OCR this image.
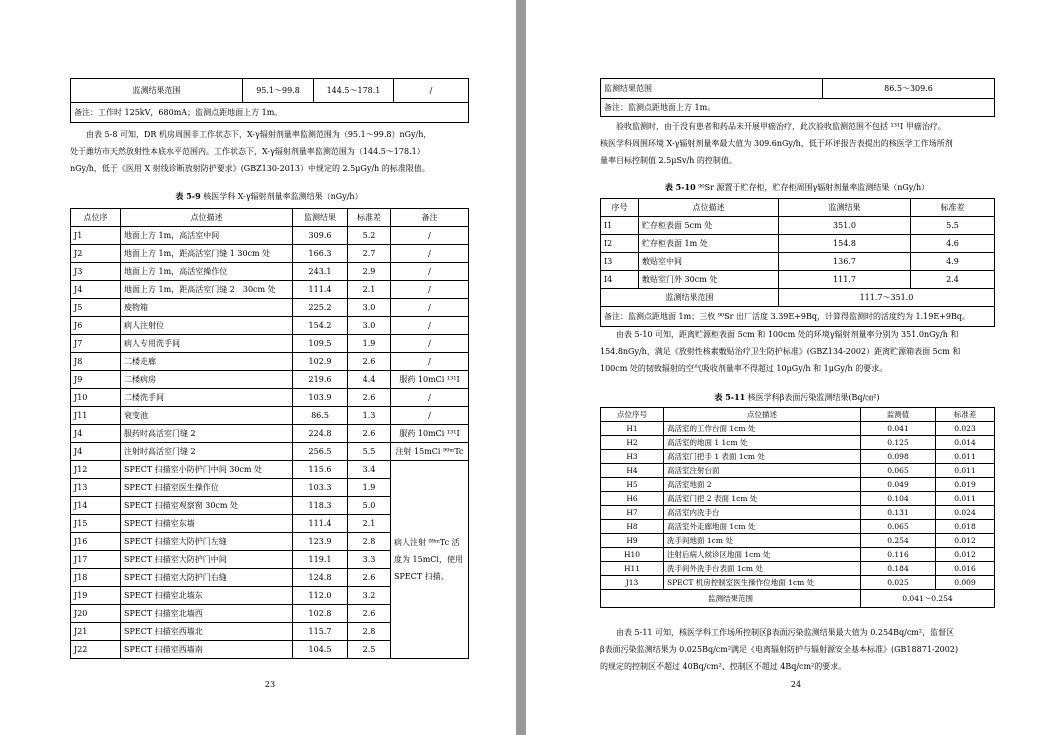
监测结果范围	95.1～99.8	144.5～178.1	/
备注：工作时 125kV，680mA；监测点距地面上方 1m。

由表 5-8 可知，DR 机房周围非工作状态下，X-γ辐射剂量率监测范围为（95.1～99.8）nGy/h，

处于潍坊市天然放射性本底水平范围内。工作状态下，X-γ辐射剂量率监测范围为（144.5～178.1）

nGy/h，低于《医用 X 射线诊断放射防护要求》(GBZ130-2013）中规定的 2.5μGy/h 的标准限值。

表 5-9 核医学科 X-γ辐射剂量率监测结果（nGy/h）
点位序	点位描述	监测结果	标准差	备注
J1	地面上方 1m，高活室中间	309.6	5.2	/
J2	地面上方 1m，距高活室门缝 1 30cm 处	166.3	2.7	/
J3	地面上方 1m，高活室操作位	243.1	2.9	/
J4	地面上方 1m，距高活室门缝 2　30cm 处	111.4	2.1	/
J5	废物箱	225.2	3.0	/
J6	病人注射位	154.2	3.0	/
J7	病人专用洗手间	109.5	1.9	/
J8	二楼走廊	102.9	2.6	/
J9	二楼病房	219.6	4.4	服药 10mCi ¹³¹I
J10	二楼洗手间	103.9	2.6	/
J11	衰变池	86.5	1.3	/
J4	服药时高活室门缝 2	224.8	2.6	服药 10mCi ¹³¹I
J4	注射时高活室门缝 2	256.5	5.5	注射 15mCi ⁹⁹ᵐTc
J12	SPECT 扫描室小防护门中间 30cm 处	115.6	3.4	病人注射 ⁹⁹ᵐTc 活
度为 15mCi，使用
SPECT 扫描。

J13	SPECT 扫描室医生操作位	103.3	1.9	
J14	SPECT 扫描室观察窗 30cm 处	118.3	5.0	
J15	SPECT 扫描室东墙	111.4	2.1	
J16	SPECT 扫描室大防护门左缝	123.9	2.8	
J17	SPECT 扫描室大防护门中间	119.1	3.3	
J18	SPECT 扫描室大防护门右缝	124.8	2.6	
J19	SPECT 扫描室北墙东	112.0	3.2	
J20	SPECT 扫描室北墙西	102.8	2.6	
J21	SPECT 扫描室西墙北	115.7	2.8	
J22	SPECT 扫描室西墙南	104.5	2.5	
23
监测结果范围	86.5～309.6
备注：监测点距地面上方 1m。

验收监测时，由于没有患者和药品未开展甲癌治疗，此次验收监测范围不包括 ¹³¹I 甲癌治疗。

核医学科周围环境 X-γ辐射剂量率最大值为 309.6nGy/h，低于环评报告表提出的核医学工作场所剂

量率目标控制值 2.5μSv/h 的控制值。

表 5-10 ⁹⁰Sr 源置于贮存柜，贮存柜周围γ辐射剂量率监测结果（nGy/h）
序号	点位描述	监测结果	标准差
I1	贮存柜表面 5cm 处	351.0	5.5
I2	贮存柜表面 1m 处	154.8	4.6
I3	敷贴室中间	136.7	4.9
I4	敷贴室门外 30cm 处	111.7	2.4
监测结果范围		111.7～351.0	
备注：监测点距地面 1m；三枚 ⁹⁰Sr 出厂活度 3.39E+9Bq，计算得监测时的活度约为 1.19E+9Bq。			

由表 5-10 可知，距离贮源柜表面 5cm 和 100cm 处的环境γ辐射剂量率分别为 351.0nGy/h 和

154.8nGy/h，满足《放射性核素敷贴治疗卫生防护标准》(GBZ134-2002）距离贮源箱表面 5cm 和

100cm 处的韧致辐射的空气吸收剂量率不得超过 10μGy/h 和 1μGy/h 的要求。

表 5-11 核医学科β表面污染监测结果(Bq/㎝²)
点位序号	点位描述	监测值	标准差
H1	高活室的工作台面 1cm 处	0.041	0.023
H2	高活室的地面 1 1cm 处	0.125	0.014
H3	高活室门把手 1 表面 1cm 处	0.098	0.011
H4	高活室注射台面	0.065	0.011
H5	高活室地面 2	0.049	0.019
H6	高活室门把 2 表面 1cm 处	0.104	0.011
H7	高活室内洗手台	0.131	0.024
H8	高活室外走廊地面 1cm 处	0.065	0.018
H9	洗手间地面 1cm 处	0.254	0.012
H10	注射后病人候诊区地面 1cm 处	0.116	0.012
H11	洗手间外洗手台表面 1cm 处	0.184	0.016
J13	SPECT 机房控制室医生操作位地面 1cm 处	0.025	0.009
监测结果范围		0.041～0.254	

由表 5-11 可知，核医学科工作场所控制区β表面污染监测结果最大值为 0.254Bq/cm²，监督区

β表面污染监测结果为 0.025Bq/cm²满足《电离辐射防护与辐射源安全基本标准》(GB18871-2002)

的规定的控制区不超过 40Bq/cm²、控制区不超过 4Bq/cm²的要求。

24
